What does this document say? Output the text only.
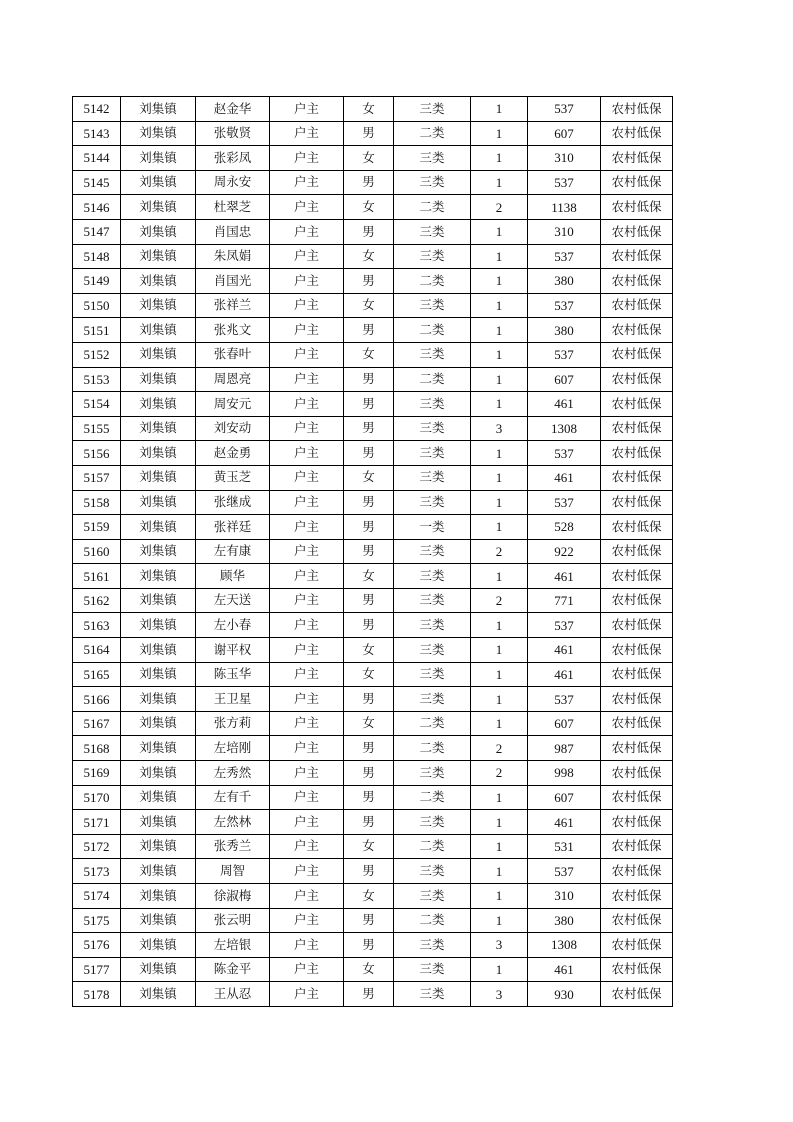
5142	刘集镇	赵金华	户主	女	三类	1	537	农村低保
5143	刘集镇	张敬贤	户主	男	二类	1	607	农村低保
5144	刘集镇	张彩凤	户主	女	三类	1	310	农村低保
5145	刘集镇	周永安	户主	男	三类	1	537	农村低保
5146	刘集镇	杜翠芝	户主	女	二类	2	1138	农村低保
5147	刘集镇	肖国忠	户主	男	三类	1	310	农村低保
5148	刘集镇	朱凤娟	户主	女	三类	1	537	农村低保
5149	刘集镇	肖国光	户主	男	二类	1	380	农村低保
5150	刘集镇	张祥兰	户主	女	三类	1	537	农村低保
5151	刘集镇	张兆文	户主	男	二类	1	380	农村低保
5152	刘集镇	张春叶	户主	女	三类	1	537	农村低保
5153	刘集镇	周恩亮	户主	男	二类	1	607	农村低保
5154	刘集镇	周安元	户主	男	三类	1	461	农村低保
5155	刘集镇	刘安动	户主	男	三类	3	1308	农村低保
5156	刘集镇	赵金勇	户主	男	三类	1	537	农村低保
5157	刘集镇	黄玉芝	户主	女	三类	1	461	农村低保
5158	刘集镇	张继成	户主	男	三类	1	537	农村低保
5159	刘集镇	张祥廷	户主	男	一类	1	528	农村低保
5160	刘集镇	左有康	户主	男	三类	2	922	农村低保
5161	刘集镇	顾华	户主	女	三类	1	461	农村低保
5162	刘集镇	左天送	户主	男	三类	2	771	农村低保
5163	刘集镇	左小春	户主	男	三类	1	537	农村低保
5164	刘集镇	谢平权	户主	女	三类	1	461	农村低保
5165	刘集镇	陈玉华	户主	女	三类	1	461	农村低保
5166	刘集镇	王卫星	户主	男	三类	1	537	农村低保
5167	刘集镇	张方莉	户主	女	二类	1	607	农村低保
5168	刘集镇	左培刚	户主	男	二类	2	987	农村低保
5169	刘集镇	左秀然	户主	男	三类	2	998	农村低保
5170	刘集镇	左有千	户主	男	二类	1	607	农村低保
5171	刘集镇	左然林	户主	男	三类	1	461	农村低保
5172	刘集镇	张秀兰	户主	女	二类	1	531	农村低保
5173	刘集镇	周智	户主	男	三类	1	537	农村低保
5174	刘集镇	徐淑梅	户主	女	三类	1	310	农村低保
5175	刘集镇	张云明	户主	男	二类	1	380	农村低保
5176	刘集镇	左培银	户主	男	三类	3	1308	农村低保
5177	刘集镇	陈金平	户主	女	三类	1	461	农村低保
5178	刘集镇	王从忍	户主	男	三类	3	930	农村低保
